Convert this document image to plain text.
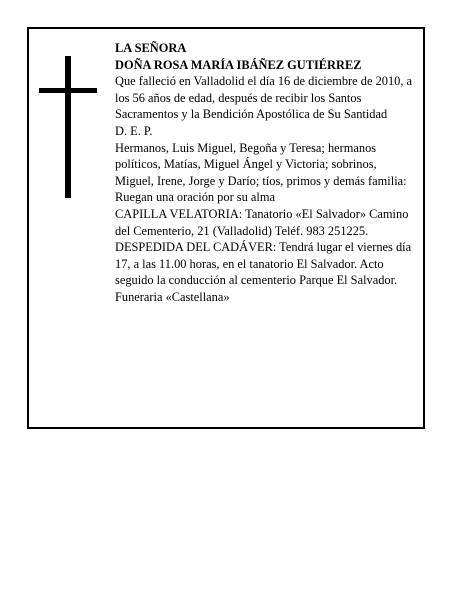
LA SEÑORA

DOÑA ROSA MARÍA IBÁÑEZ GUTIÉRREZ

Que falleció en Valladolid el día 16 de diciembre de 2010, a los 56 años de edad, después de recibir los Santos Sacramentos y la Bendición Apostólica de Su Santidad

D. E. P.

Hermanos, Luis Miguel, Begoña y Teresa; hermanos políticos, Matías, Miguel Ángel y Victoria; sobrinos, Miguel, Irene, Jorge y Darío; tíos, primos y demás familia:

Ruegan una oración por su alma

CAPILLA VELATORIA: Tanatorio «El Salvador» Camino del Cementerio, 21 (Valladolid) Teléf. 983 251225.

DESPEDIDA DEL CADÁVER: Tendrá lugar el viernes día 17, a las 11.00 horas, en el tanatorio El Salvador. Acto seguido la conducción al cementerio Parque El Salvador.

Funeraria «Castellana»
